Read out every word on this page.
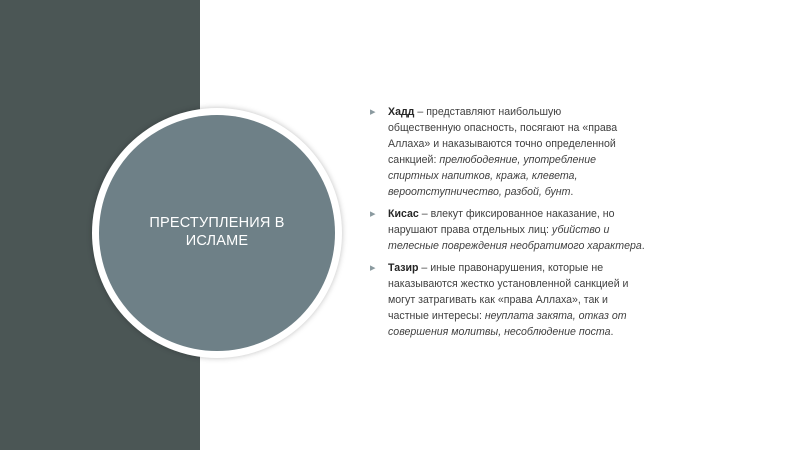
ПРЕСТУПЛЕНИЯ В
ИСЛАМЕ
▸ Хадд – представляют наибольшую
общественную опасность, посягают на «права
Аллаха» и наказываются точно определенной
санкцией: прелюбодеяние, употребление
спиртных напитков, кража, клевета,
вероотступничество, разбой, бунт.
▸ Кисас – влекут фиксированное наказание, но
нарушают права отдельных лиц: убийство и
телесные повреждения необратимого характера.
▸ Тазир – иные правонарушения, которые не
наказываются жестко установленной санкцией и
могут затрагивать как «права Аллаха», так и
частные интересы: неуплата закята, отказ от
совершения молитвы, несоблюдение поста.
